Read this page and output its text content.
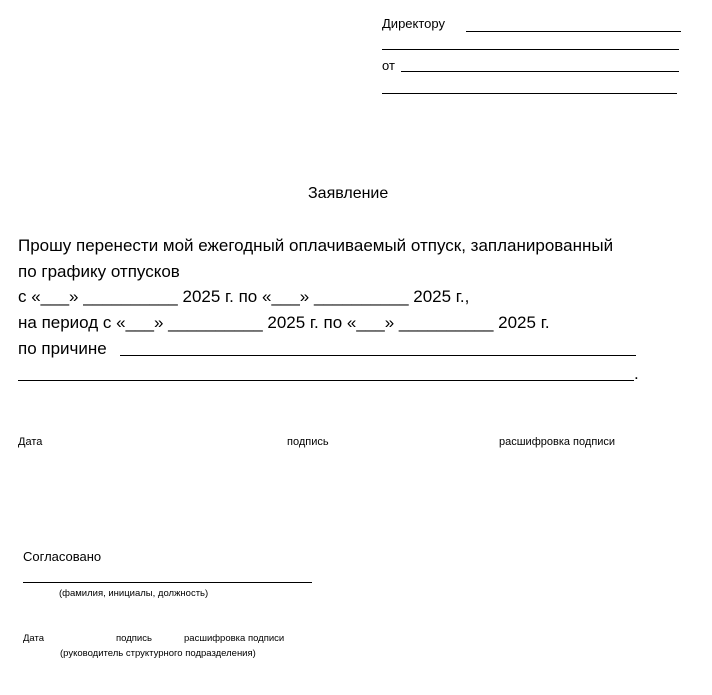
Директору
от
Заявление
Прошу перенести мой ежегодный оплачиваемый отпуск, запланированный
по графику отпусков
с «___» __________ 2025 г. по «___» __________ 2025 г.,
на период с «___» __________ 2025 г. по «___» __________ 2025 г.
по причине
.
Дата	подпись	расшифровка подписи
Согласовано
(фамилия, инициалы, должность)
Дата	подпись	расшифровка подписи
(руководитель структурного подразделения)
